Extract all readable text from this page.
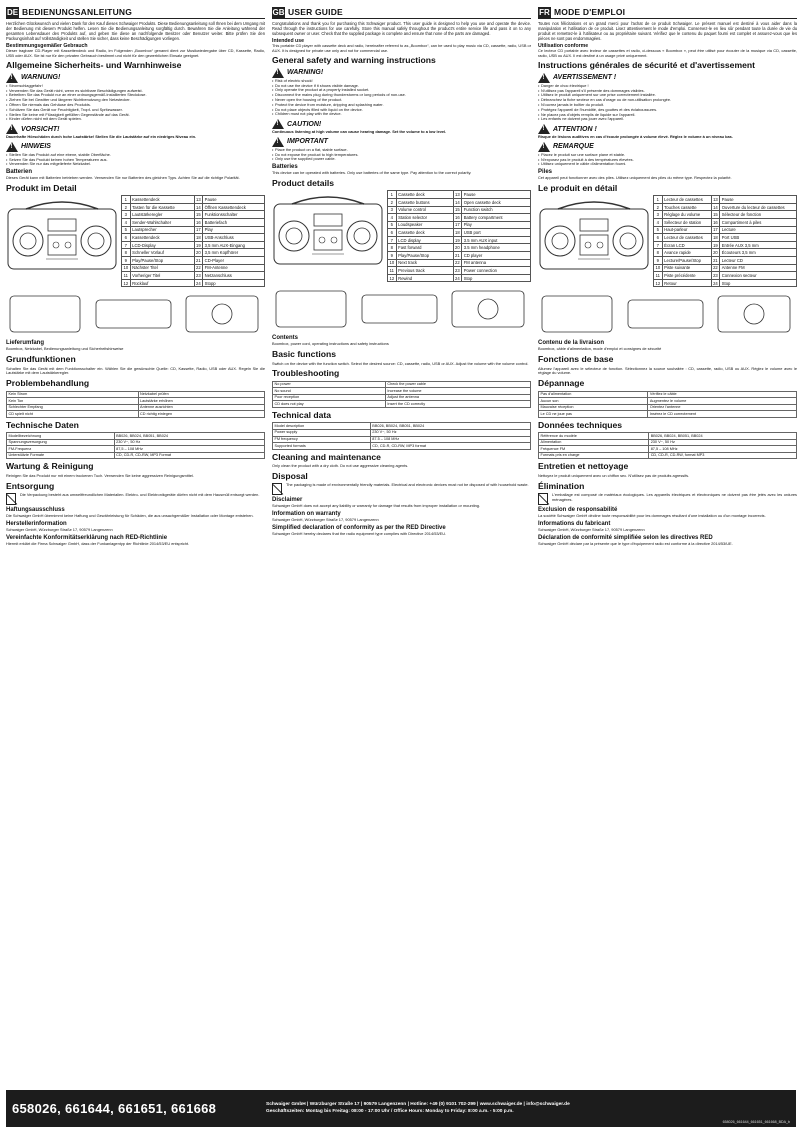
DE BEDIENUNGSANLEITUNG

Herzlichen Glückwunsch und vielen Dank für den Kauf dieses Schwaiger Produkts. Diese Bedienungsanleitung soll Ihnen bei dem Umgang mit der Bedienung mit diesem Produkt helfen. Lesen Sie die Bedienungsanleitung sorgfältig durch. Bewahren Sie die Anleitung während der gesamten Lebensdauer des Produkts auf, und geben Sie diese an nachfolgende Besitzer oder Benutzer weiter. Bitte prüfen Sie den Packungsinhalt auf Vollständigkeit und stellen Sie sicher, dass keine Beschädigungen vorliegen.

Bestimmungsgemäßer Gebrauch

Dieser tragbare CD-Player mit Kassettendeck und Radio, im Folgenden „Boombox“ genannt dient zur Musikwiedergabe über CD, Kassette, Radio, USB oder AUX. Sie ist nur für den privaten Gebrauch bestimmt und nicht für den gewerblichen Einsatz geeignet.

Allgemeine Sicherheits- und Warnhinweise
!
WARNUNG!
• Stromschlaggefahr!
• Verwenden Sie das Gerät nicht, wenn es sichtbare Beschädigungen aufweist.
• Betreiben Sie das Produkt nur an einer ordnungsgemäß installierten Steckdose.
• Ziehen Sie bei Gewitter und längerer Nichtbenutzung den Netzstecker.
• Öffnen Sie niemals das Gehäuse des Produkts.
• Schützen Sie das Gerät vor Feuchtigkeit, Tropf- und Spritzwasser.
• Stellen Sie keine mit Flüssigkeit gefüllten Gegenstände auf das Gerät.
• Kinder dürfen nicht mit dem Gerät spielen.
!
VORSICHT!

Dauerhafte Hörschäden durch hohe Lautstärke! Stellen Sie die Lautstärke auf ein niedriges Niveau ein.

!
HINWEIS
• Stellen Sie das Produkt auf eine ebene, stabile Oberfläche.
• Setzen Sie das Produkt keinen hohen Temperaturen aus.
• Verwenden Sie nur das mitgelieferte Netzkabel.
Batterien

Dieses Gerät kann mit Batterien betrieben werden. Verwenden Sie nur Batterien des gleichen Typs. Achten Sie auf die richtige Polarität.

Produkt im Detail
1	Kassettendeck	13	Pause
2	Tasten für die Kassette	14	Öffnen Kassettendeck
3	Lautstärkeregler	15	Funktionsschalter
4	Sender-Wahlschalter	16	Batteriefach
5	Lautsprecher	17	Play
6	Kassettendeck	18	USB-Anschluss
7	LCD-Display	19	3,5 mm AUX-Eingang
8	Schneller Vorlauf	20	3,5 mm Kopfhörer
9	Play/Pause/Stop	21	CD-Player
10	Nächster Titel	22	FM-Antenne
11	Vorheriger Titel	23	Netzanschluss
12	Rücklauf	24	Stopp
Lieferumfang

Boombox, Netzkabel, Bedienungsanleitung und Sicherheitshinweise

Grundfunktionen

Schalten Sie das Gerät mit dem Funktionsschalter ein. Wählen Sie die gewünschte Quelle: CD, Kassette, Radio, USB oder AUX. Regeln Sie die Lautstärke mit dem Lautstärkeregler.

Problembehandlung
Kein Strom	Netzkabel prüfen
Kein Ton	Lautstärke erhöhen
Schlechter Empfang	Antenne ausrichten
CD spielt nicht	CD richtig einlegen
Technische Daten
Modellbezeichnung	BB026, BB024, BB051, BB024
Spannungsversorgung	230 V~, 50 Hz
FM-Frequenz	87,5 – 108 MHz
Unterstützte Formate	CD, CD-R, CD-RW, MP3 Format
Wartung & Reinigung

Reinigen Sie das Produkt nur mit einem trockenen Tuch. Verwenden Sie keine aggressiven Reinigungsmittel.

Entsorgung

Die Verpackung besteht aus umweltfreundlichen Materialien. Elektro- und Elektronikgeräte dürfen nicht mit dem Hausmüll entsorgt werden.

Haftungsausschluss

Die Schwaiger GmbH übernimmt keine Haftung und Gewährleistung für Schäden, die aus unsachgemäßer Installation oder Montage entstehen.

Herstellerinformation

Schwaiger GmbH, Würzburger Straße 17, 90579 Langenzenn

Vereinfachte Konformitätserklärung nach RED-Richtlinie

Hiermit erklärt die Firma Schwaiger GmbH, dass der Funkanlagentyp der Richtlinie 2014/53/EU entspricht.

GB USER GUIDE

Congratulations and thank you for purchasing this Schwaiger product. This user guide is designed to help you use and operate the device. Read through the instructions for use carefully. Store this manual safely throughout the product's entire service life and pass it on to any subsequent owner or user. Check that the supplied package is complete and ensure that none of the parts are damaged.

Intended use

This portable CD player with cassette deck and radio, hereinafter referred to as „Boombox“, can be used to play music via CD, cassette, radio, USB or AUX. It is designed for private use only and not for commercial use.

General safety and warning instructions
!
WARNING!
• Risk of electric shock!
• Do not use the device if it shows visible damage.
• Only operate the product at a properly installed socket.
• Disconnect the mains plug during thunderstorms or long periods of non-use.
• Never open the housing of the product.
• Protect the device from moisture, dripping and splashing water.
• Do not place objects filled with liquid on the device.
• Children must not play with the device.
!
CAUTION!

Continuous listening at high volume can cause hearing damage. Set the volume to a low level.

!
IMPORTANT
• Place the product on a flat, stable surface.
• Do not expose the product to high temperatures.
• Only use the supplied power cable.
Batteries

This device can be operated with batteries. Only use batteries of the same type. Pay attention to the correct polarity.

Product details
1	Cassette deck	13	Pause
2	Cassette buttons	14	Open cassette deck
3	Volume control	15	Function switch
4	Station selector	16	Battery compartment
5	Loudspeaker	17	Play
6	Cassette deck	18	USB port
7	LCD display	19	3.5 mm AUX input
8	Fast forward	20	3.5 mm headphone
9	Play/Pause/Stop	21	CD player
10	Next track	22	FM antenna
11	Previous track	23	Power connection
12	Rewind	24	Stop
Contents

Boombox, power cord, operating instructions and safety instructions

Basic functions

Switch on the device with the function switch. Select the desired source: CD, cassette, radio, USB or AUX. Adjust the volume with the volume control.

Troubleshooting
No power	Check the power cable
No sound	Increase the volume
Poor reception	Adjust the antenna
CD does not play	Insert the CD correctly
Technical data
Model description	BB026, BB024, BB051, BB024
Power supply	230 V~, 50 Hz
FM frequency	87.5 – 108 MHz
Supported formats	CD, CD-R, CD-RW, MP3 format
Cleaning and maintenance

Only clean the product with a dry cloth. Do not use aggressive cleaning agents.

Disposal

The packaging is made of environmentally friendly materials. Electrical and electronic devices must not be disposed of with household waste.

Disclaimer

Schwaiger GmbH does not accept any liability or warranty for damage that results from improper installation or mounting.

Information on warranty

Schwaiger GmbH, Würzburger Straße 17, 90579 Langenzenn

Simplified declaration of conformity as per the RED Directive

Schwaiger GmbH hereby declares that the radio equipment type complies with Directive 2014/53/EU.

FR MODE D'EMPLOI

Toutes nos félicitations et un grand merci pour l'achat de ce produit Schwaiger. Le présent manuel est destiné à vous aider dans la manipulation et l'utilisation de ce produit. Lisez attentivement le mode d'emploi. Conservez-le en lieu sûr pendant toute la durée de vie du produit et remettez-le à l'utilisateur ou au propriétaire suivant. Vérifiez que le contenu du paquet fourni est complet et assurez-vous que les pièces ne sont pas endommagées.

Utilisation conforme

Ce lecteur CD portable avec lecteur de cassettes et radio, ci-dessous « Boombox », peut être utilisé pour écouter de la musique via CD, cassette, radio, USB ou AUX. Il est destiné à un usage privé uniquement.

Instructions générales de sécurité et d'avertissement
!
AVERTISSEMENT !
• Danger de choc électrique !
• N'utilisez pas l'appareil s'il présente des dommages visibles.
• Utilisez le produit uniquement sur une prise correctement installée.
• Débranchez la fiche secteur en cas d'orage ou de non-utilisation prolongée.
• N'ouvrez jamais le boîtier du produit.
• Protégez l'appareil de l'humidité, des gouttes et des éclaboussures.
• Ne placez pas d'objets remplis de liquide sur l'appareil.
• Les enfants ne doivent pas jouer avec l'appareil.
!
ATTENTION !

Risque de lésions auditives en cas d'écoute prolongée à volume élevé. Réglez le volume à un niveau bas.

!
REMARQUE
• Placez le produit sur une surface plane et stable.
• N'exposez pas le produit à des températures élevées.
• Utilisez uniquement le câble d'alimentation fourni.
Piles

Cet appareil peut fonctionner avec des piles. Utilisez uniquement des piles du même type. Respectez la polarité.

Le produit en détail
1	Lecteur de cassettes	13	Pause
2	Touches cassette	14	Ouverture du lecteur de cassettes
3	Réglage du volume	15	Sélecteur de fonction
4	Sélecteur de station	16	Compartiment à piles
5	Haut-parleur	17	Lecture
6	Lecteur de cassettes	18	Port USB
7	Écran LCD	19	Entrée AUX 3,5 mm
8	Avance rapide	20	Écouteurs 3,5 mm
9	Lecture/Pause/Stop	21	Lecteur CD
10	Piste suivante	22	Antenne FM
11	Piste précédente	23	Connexion secteur
12	Retour	24	Stop
Contenu de la livraison

Boombox, câble d'alimentation, mode d'emploi et consignes de sécurité

Fonctions de base

Allumez l'appareil avec le sélecteur de fonction. Sélectionnez la source souhaitée : CD, cassette, radio, USB ou AUX. Réglez le volume avec le réglage du volume.

Dépannage
Pas d'alimentation	Vérifiez le câble
Aucun son	Augmentez le volume
Mauvaise réception	Orientez l'antenne
Le CD ne joue pas	Insérez le CD correctement
Données techniques
Référence du modèle	BB026, BB024, BB051, BB024
Alimentation	230 V~, 50 Hz
Fréquence FM	87,5 – 108 MHz
Formats pris en charge	CD, CD-R, CD-RW, format MP3
Entretien et nettoyage

Nettoyez le produit uniquement avec un chiffon sec. N'utilisez pas de produits agressifs.

Élimination

L'emballage est composé de matériaux écologiques. Les appareils électriques et électroniques ne doivent pas être jetés avec les ordures ménagères.

Exclusion de responsabilité

La société Schwaiger GmbH décline toute responsabilité pour les dommages résultant d'une installation ou d'un montage incorrects.

Informations du fabricant

Schwaiger GmbH, Würzburger Straße 17, 90579 Langenzenn

Déclaration de conformité simplifiée selon les directives RED

Schwaiger GmbH déclare par la présente que le type d'équipement radio est conforme à la directive 2014/53/UE.

658026, 661644, 661651, 661668	Schwaiger GmbH | Würzburger Straße 17 | 90579 Langenzenn | Hotline: +49 (0) 9101 702-299 | www.schwaiger.de | info@schwaiger.de
Geschäftszeiten: Montag bis Freitag: 08:00 - 17:00 Uhr / Office Hours: Monday to Friday: 8:00 a.m. - 5:00 p.m.
658026_661644_661651_661668_BDA_b
